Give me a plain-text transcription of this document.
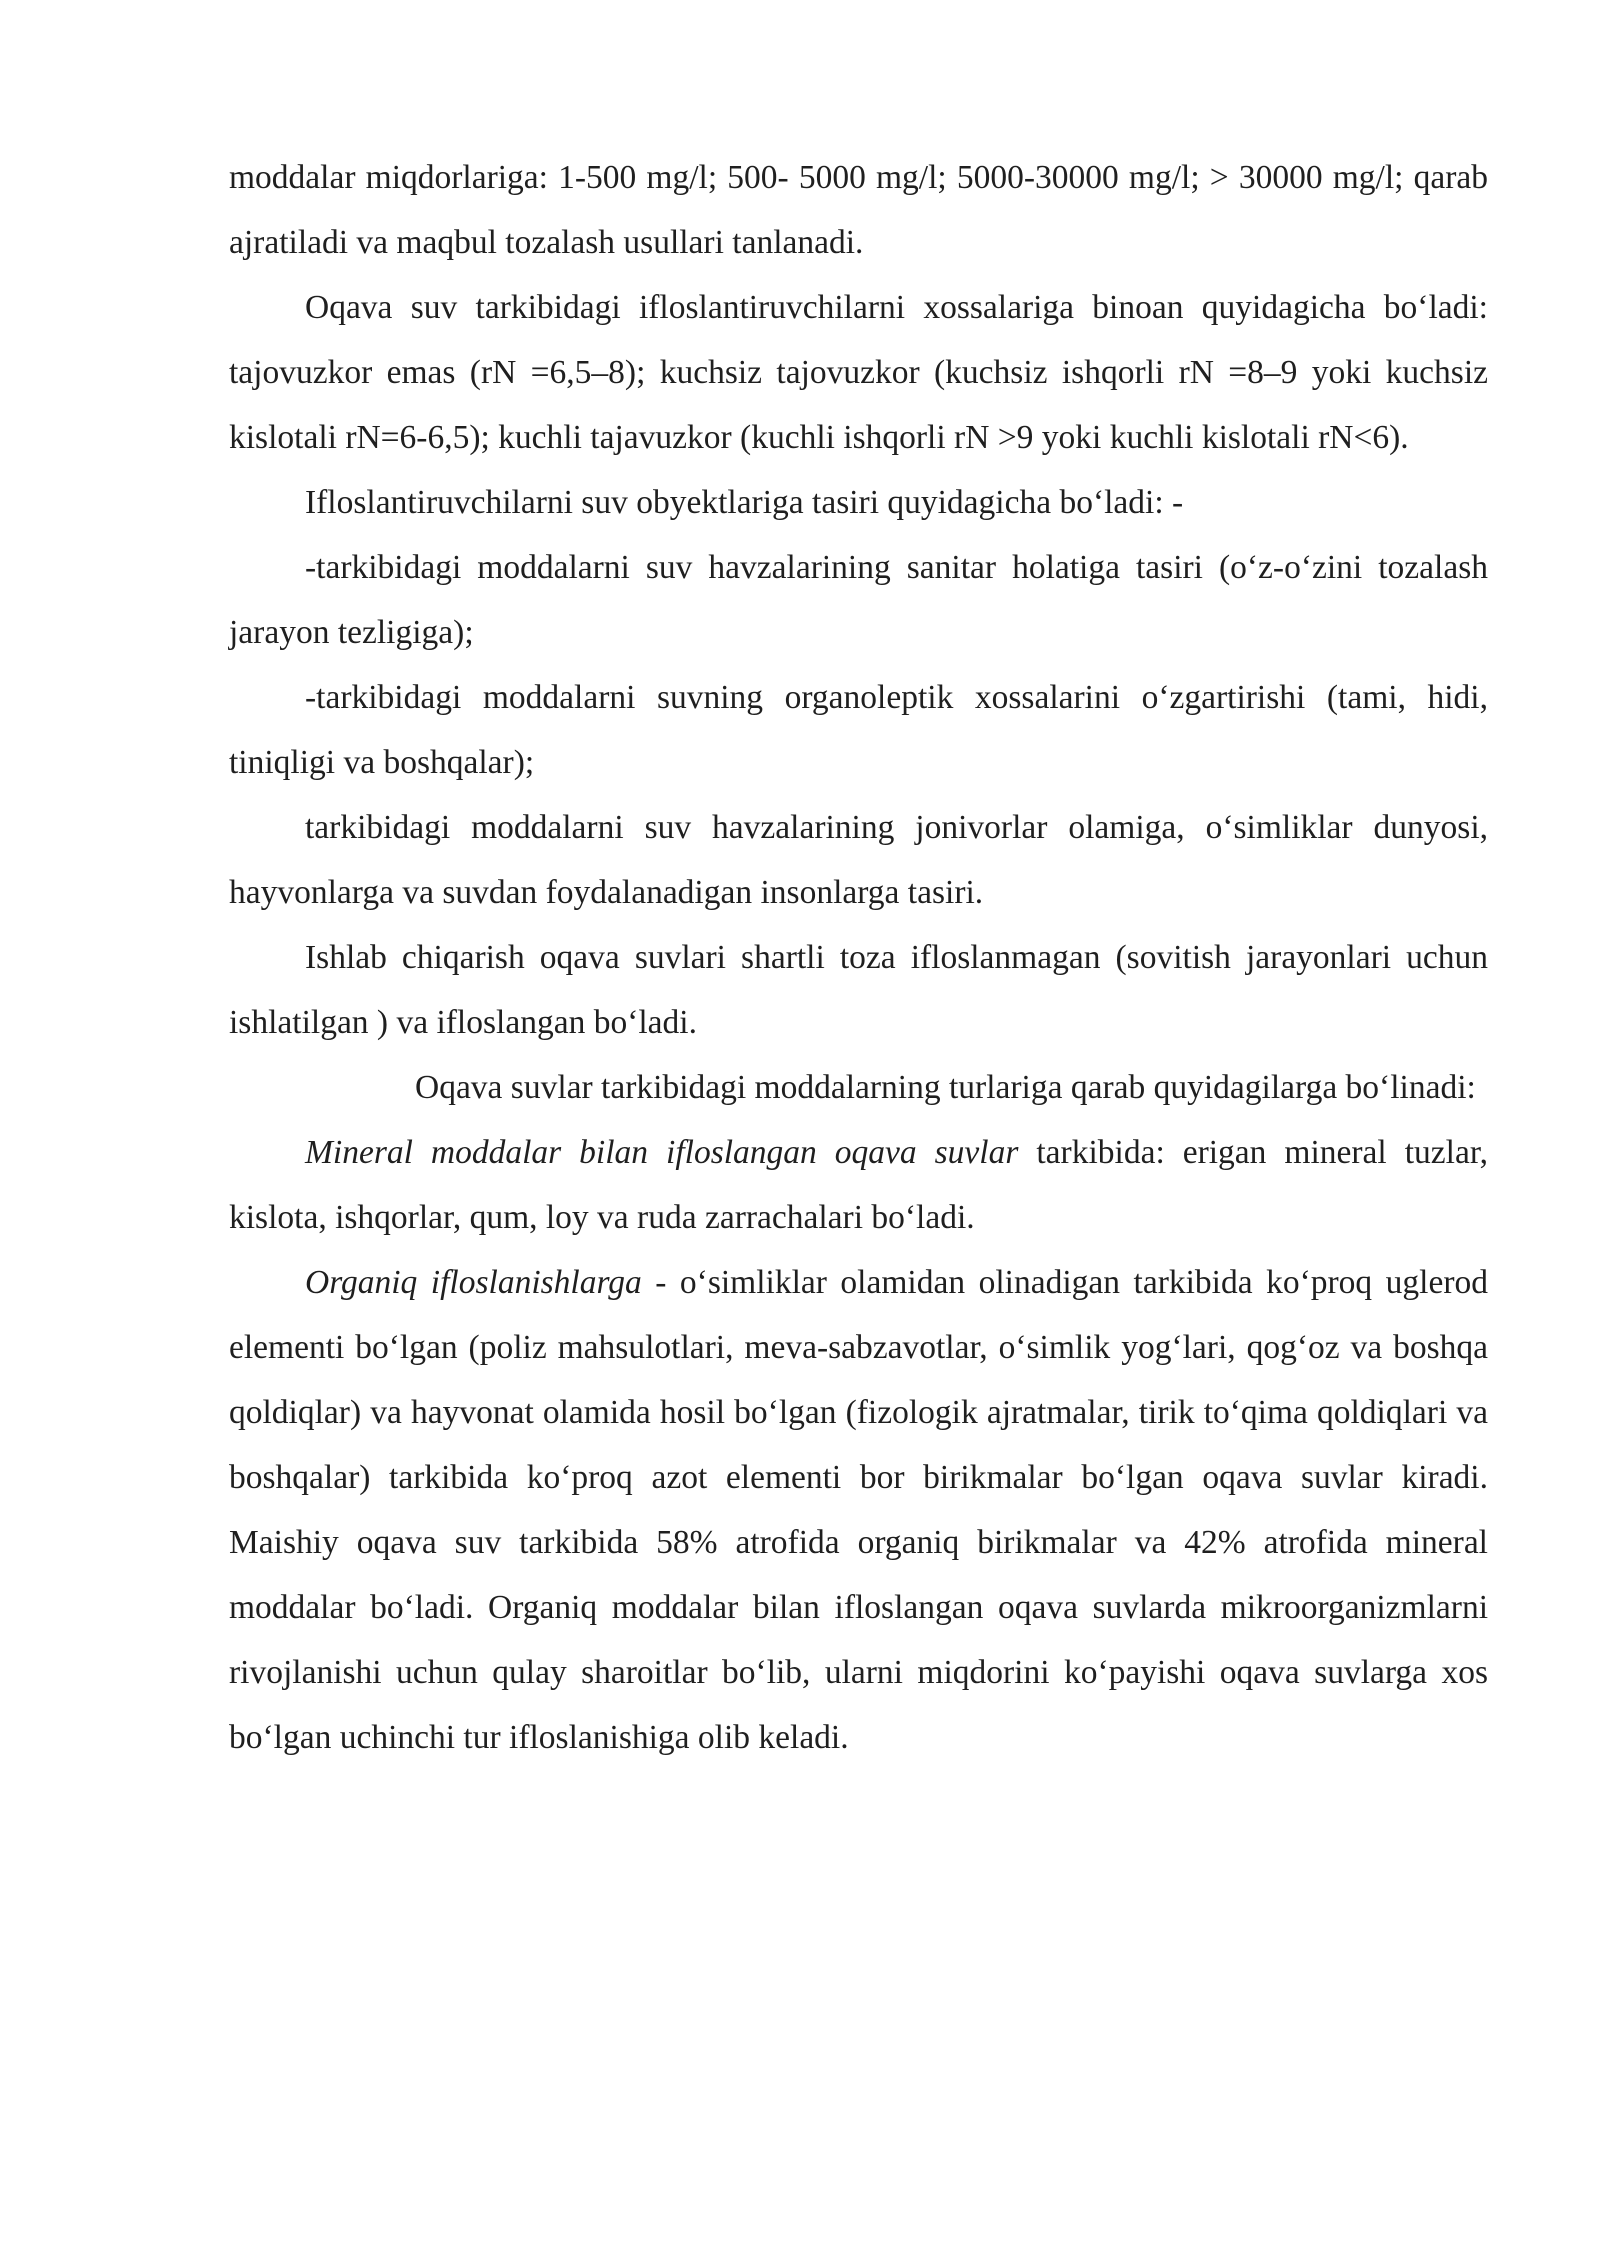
moddalar miqdorlariga: 1-500 mg/l; 500- 5000 mg/l; 5000-30000 mg/l; > 30000 mg/l; qarab ajratiladi va maqbul tozalash usullari tanlanadi.

Oqava suv tarkibidagi ifloslantiruvchilarni xossalariga binoan quyidagicha boʻladi: tajovuzkor emas (rN =6,5–8); kuchsiz tajovuzkor (kuchsiz ishqorli rN =8–9 yoki kuchsiz kislotali rN=6-6,5); kuchli tajavuzkor (kuchli ishqorli rN >9 yoki kuchli kislotali rN<6).

Ifloslantiruvchilarni suv obyektlariga tasiri quyidagicha boʻladi: -

-tarkibidagi moddalarni suv havzalarining sanitar holatiga tasiri (oʻz-oʻzini tozalash jarayon tezligiga);

-tarkibidagi moddalarni suvning organoleptik xossalarini oʻzgartirishi (tami, hidi, tiniqligi va boshqalar);

tarkibidagi moddalarni suv havzalarining jonivorlar olamiga, oʻsimliklar dunyosi, hayvonlarga va suvdan foydalanadigan insonlarga tasiri.

Ishlab chiqarish oqava suvlari shartli toza ifloslanmagan (sovitish jarayonlari uchun ishlatilgan ) va ifloslangan boʻladi.

Oqava suvlar tarkibidagi moddalarning turlariga qarab quyidagilarga boʻlinadi:

Mineral moddalar bilan ifloslangan oqava suvlar tarkibida: erigan mineral tuzlar, kislota, ishqorlar, qum, loy va ruda zarrachalari boʻladi.

Organiq ifloslanishlarga - oʻsimliklar olamidan olinadigan tarkibida koʻproq uglerod elementi boʻlgan (poliz mahsulotlari, meva-sabzavotlar, oʻsimlik yogʻlari, qogʻoz va boshqa qoldiqlar) va hayvonat olamida hosil boʻlgan (fizologik ajratmalar, tirik toʻqima qoldiqlari va boshqalar) tarkibida koʻproq azot elementi bor birikmalar boʻlgan oqava suvlar kiradi. Maishiy oqava suv tarkibida 58% atrofida organiq birikmalar va 42% atrofida mineral moddalar boʻladi. Organiq moddalar bilan ifloslangan oqava suvlarda mikroorganizmlarni rivojlanishi uchun qulay sharoitlar boʻlib, ularni miqdorini koʻpayishi oqava suvlarga xos boʻlgan uchinchi tur ifloslanishiga olib keladi.
